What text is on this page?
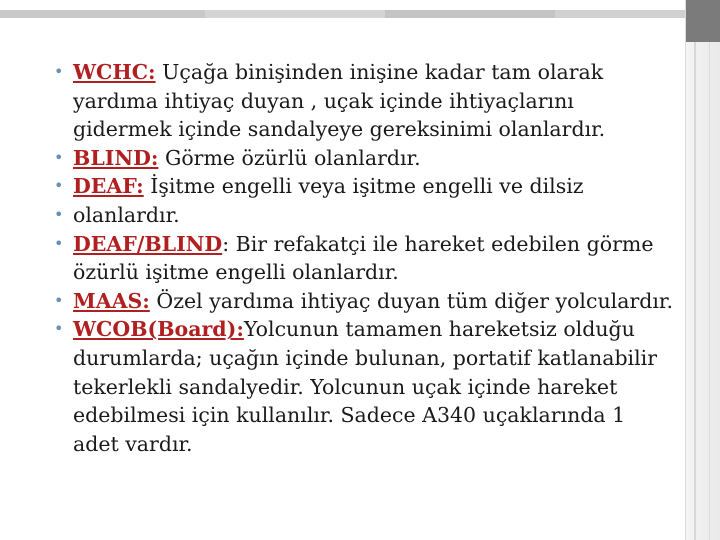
• WCHC: Uçağa binişinden inişine kadar tam olarak yardıma ihtiyaç duyan , uçak içinde ihtiyaçlarını gidermek içinde sandalyeye gereksinimi olanlardır.
• BLIND: Görme özürlü olanlardır.
• DEAF: İşitme engelli veya işitme engelli ve dilsiz
• olanlardır.
• DEAF/BLIND: Bir refakatçi ile hareket edebilen görme özürlü işitme engelli olanlardır.
• MAAS: Özel yardıma ihtiyaç duyan tüm diğer yolculardır.
• WCOB(Board):Yolcunun tamamen hareketsiz olduğu durumlarda; uçağın içinde bulunan, portatif katlanabilir tekerlekli sandalyedir. Yolcunun uçak içinde hareket edebilmesi için kullanılır. Sadece A340 uçaklarında 1 adet vardır.
